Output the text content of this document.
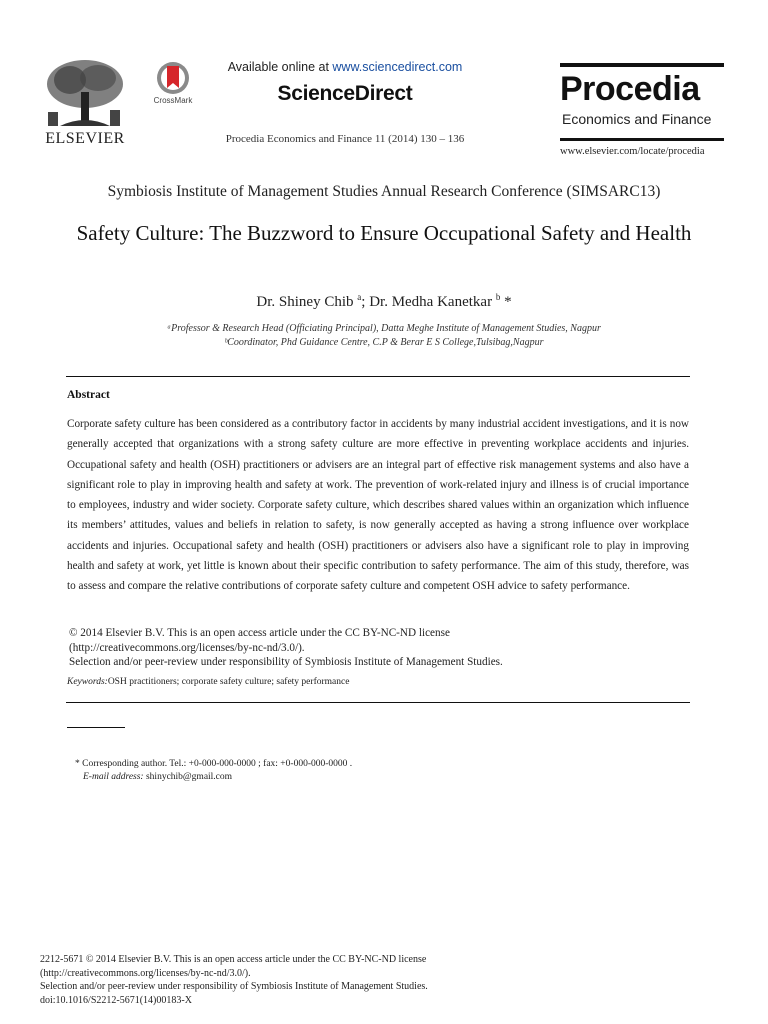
ELSEVIER
CrossMark
Available online at www.sciencedirect.com
ScienceDirect
Procedia Economics and Finance 11 (2014) 130 – 136
Procedia
Economics and Finance
www.elsevier.com/locate/procedia
Symbiosis Institute of Management Studies Annual Research Conference (SIMSARC13)
Safety Culture: The Buzzword to Ensure Occupational Safety and Health
Dr. Shiney Chib $^a$; Dr. Medha Kanetkar $^b$ *
ᵃProfessor & Research Head (Officiating Principal), Datta Meghe Institute of Management Studies, Nagpur
ᵇCoordinator, Phd Guidance Centre, C.P & Berar E S College,Tulsibag,Nagpur
Abstract
Corporate safety culture has been considered as a contributory factor in accidents by many industrial accident investigations, and it is now generally accepted that organizations with a strong safety culture are more effective in preventing workplace accidents and injuries. Occupational safety and health (OSH) practitioners or advisers are an integral part of effective risk management systems and also have a significant role to play in improving health and safety at work. The prevention of work-related injury and illness is of crucial importance to employees, industry and wider society. Corporate safety culture, which describes shared values within an organization which influence its members’ attitudes, values and beliefs in relation to safety, is now generally accepted as having a strong influence over workplace accidents and injuries. Occupational safety and health (OSH) practitioners or advisers also have a significant role to play in improving health and safety at work, yet little is known about their specific contribution to safety performance. The aim of this study, therefore, was to assess and compare the relative contributions of corporate safety culture and competent OSH advice to safety performance.
© 2014 Elsevier B.V. This is an open access article under the CC BY-NC-ND license
(http://creativecommons.org/licenses/by-nc-nd/3.0/).
Selection and/or peer-review under responsibility of Symbiosis Institute of Management Studies.
Keywords:OSH practitioners; corporate safety culture; safety performance
* Corresponding author. Tel.: +0-000-000-0000 ; fax: +0-000-000-0000 .
E-mail address: shinychib@gmail.com
2212-5671 © 2014 Elsevier B.V. This is an open access article under the CC BY-NC-ND license
(http://creativecommons.org/licenses/by-nc-nd/3.0/).
Selection and/or peer-review under responsibility of Symbiosis Institute of Management Studies.
doi:10.1016/S2212-5671(14)00183-X
